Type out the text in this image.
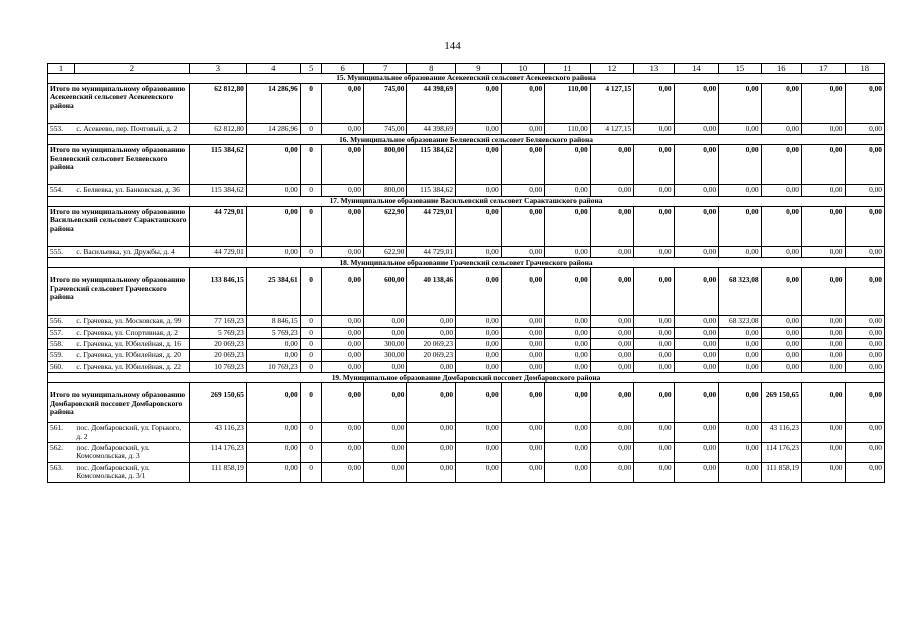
144
1	2	3	4	5	6	7	8	9	10	11	12	13	14	15	16	17	18
15. Муниципальное образование Асекеевский сельсовет Асекеевского района																	
Итого по муниципальному образованию Асекеевский сельсовет Асекеевского района		62 812,80	14 286,96	0	0,00	745,00	44 398,69	0,00	0,00	110,00	4 127,15	0,00	0,00	0,00	0,00	0,00	0,00
553.	с. Асекеево, пер. Почтовый, д. 2	62 812,80	14 286,96	0	0,00	745,00	44 398,69	0,00	0,00	110,00	4 127,15	0,00	0,00	0,00	0,00	0,00	0,00
16. Муниципальное образование Беляевский сельсовет Беляевского района																	
Итого по муниципальному образованию Беляевский сельсовет Беляевского района		115 384,62	0,00	0	0,00	800,00	115 384,62	0,00	0,00	0,00	0,00	0,00	0,00	0,00	0,00	0,00	0,00
554.	с. Беляевка, ул. Банковская, д. 36	115 384,62	0,00	0	0,00	800,00	115 384,62	0,00	0,00	0,00	0,00	0,00	0,00	0,00	0,00	0,00	0,00
17. Муниципальное образование Васильевский сельсовет Саракташского района																	
Итого по муниципальному образованию Васильевский сельсовет Саракташского района		44 729,01	0,00	0	0,00	622,90	44 729,01	0,00	0,00	0,00	0,00	0,00	0,00	0,00	0,00	0,00	0,00
555.	с. Васильевка, ул. Дружбы, д. 4	44 729,01	0,00	0	0,00	622,90	44 729,01	0,00	0,00	0,00	0,00	0,00	0,00	0,00	0,00	0,00	0,00
18. Муниципальное образование Грачевский сельсовет Грачевского района																	
Итого по муниципальному образованию Грачевский сельсовет Грачевского района		133 846,15	25 384,61	0	0,00	600,00	40 138,46	0,00	0,00	0,00	0,00	0,00	0,00	68 323,08	0,00	0,00	0,00
556.	с. Грачевка, ул. Московская, д. 99	77 169,23	8 846,15	0	0,00	0,00	0,00	0,00	0,00	0,00	0,00	0,00	0,00	68 323,08	0,00	0,00	0,00
557.	с. Грачевка, ул. Спортивная, д. 2	5 769,23	5 769,23	0	0,00	0,00	0,00	0,00	0,00	0,00	0,00	0,00	0,00	0,00	0,00	0,00	0,00
558.	с. Грачевка, ул. Юбилейная, д. 16	20 069,23	0,00	0	0,00	300,00	20 069,23	0,00	0,00	0,00	0,00	0,00	0,00	0,00	0,00	0,00	0,00
559.	с. Грачевка, ул. Юбилейная, д. 20	20 069,23	0,00	0	0,00	300,00	20 069,23	0,00	0,00	0,00	0,00	0,00	0,00	0,00	0,00	0,00	0,00
560.	с. Грачевка, ул. Юбилейная, д. 22	10 769,23	10 769,23	0	0,00	0,00	0,00	0,00	0,00	0,00	0,00	0,00	0,00	0,00	0,00	0,00	0,00
19. Муниципальное образование Домбаровский поссовет Домбаровского района																	
Итого по муниципальному образованию Домбаровский поссовет Домбаровского района		269 150,65	0,00	0	0,00	0,00	0,00	0,00	0,00	0,00	0,00	0,00	0,00	0,00	269 150,65	0,00	0,00
561.	пос. Домбаровский, ул. Горького, д. 2	43 116,23	0,00	0	0,00	0,00	0,00	0,00	0,00	0,00	0,00	0,00	0,00	0,00	43 116,23	0,00	0,00
562.	пос. Домбаровский, ул. Комсомольская, д. 3	114 176,23	0,00	0	0,00	0,00	0,00	0,00	0,00	0,00	0,00	0,00	0,00	0,00	114 176,23	0,00	0,00
563.	пос. Домбаровский, ул. Комсомольская, д. 3/1	111 858,19	0,00	0	0,00	0,00	0,00	0,00	0,00	0,00	0,00	0,00	0,00	0,00	111 858,19	0,00	0,00
